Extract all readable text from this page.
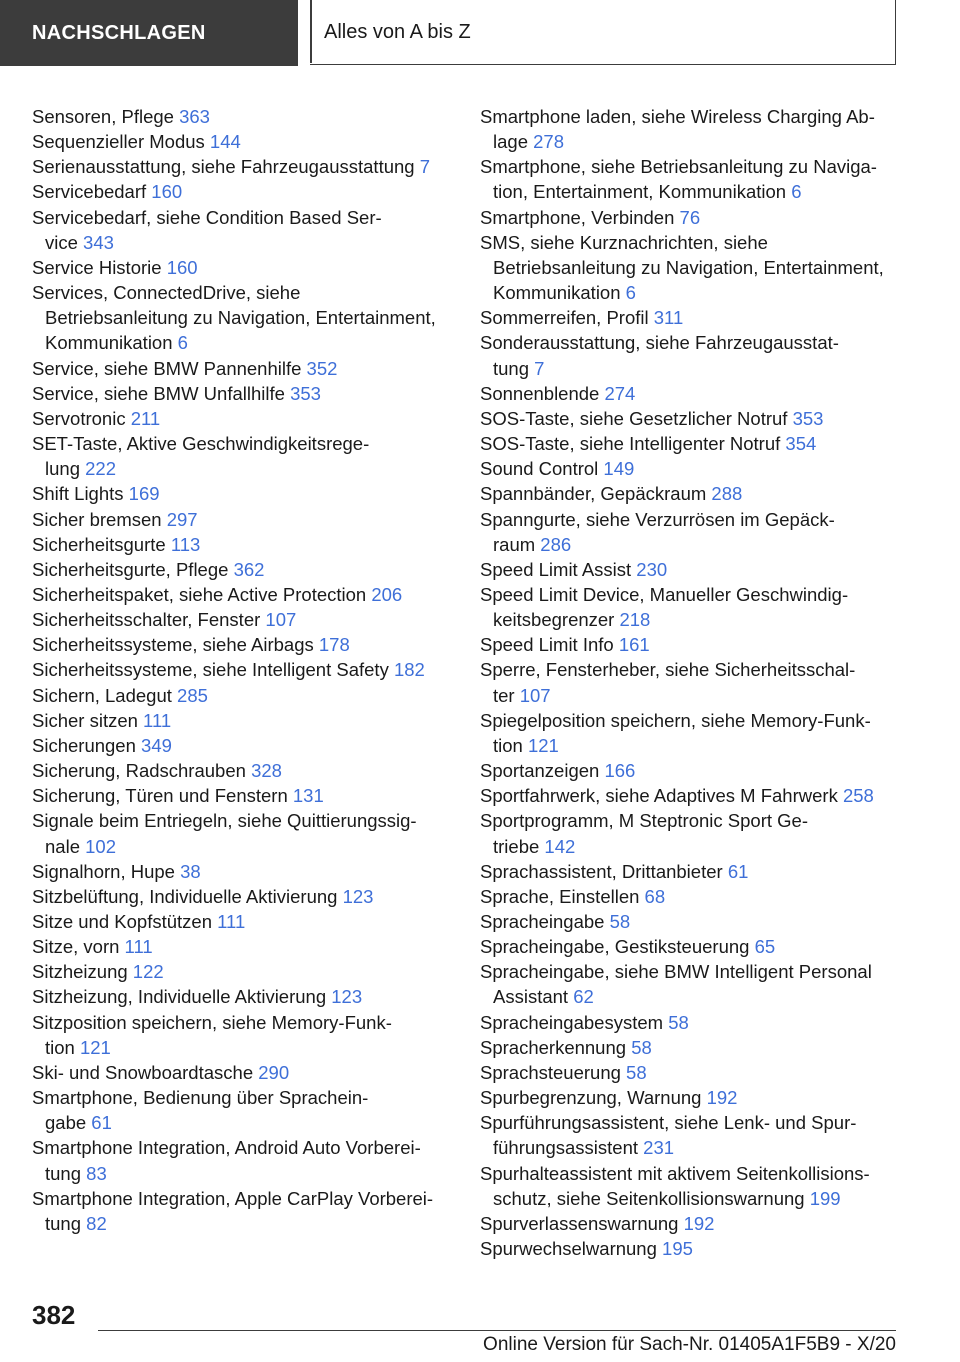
NACHSCHLAGEN	Alles von A bis Z
Sensoren, Pflege 363
Sequenzieller Modus 144
Serienausstattung, siehe Fahrzeugausstattung 7
Servicebedarf 160
Servicebedarf, siehe Condition Based Ser-
vice 343
Service Historie 160
Services, ConnectedDrive, siehe
Betriebsanleitung zu Navigation, Entertainment,
Kommunikation 6
Service, siehe BMW Pannenhilfe 352
Service, siehe BMW Unfallhilfe 353
Servotronic 211
SET-Taste, Aktive Geschwindigkeitsrege-
lung 222
Shift Lights 169
Sicher bremsen 297
Sicherheitsgurte 113
Sicherheitsgurte, Pflege 362
Sicherheitspaket, siehe Active Protection 206
Sicherheitsschalter, Fenster 107
Sicherheitssysteme, siehe Airbags 178
Sicherheitssysteme, siehe Intelligent Safety 182
Sichern, Ladegut 285
Sicher sitzen 111
Sicherungen 349
Sicherung, Radschrauben 328
Sicherung, Türen und Fenstern 131
Signale beim Entriegeln, siehe Quittierungssig-
nale 102
Signalhorn, Hupe 38
Sitzbelüftung, Individuelle Aktivierung 123
Sitze und Kopfstützen 111
Sitze, vorn 111
Sitzheizung 122
Sitzheizung, Individuelle Aktivierung 123
Sitzposition speichern, siehe Memory-Funk-
tion 121
Ski- und Snowboardtasche 290
Smartphone, Bedienung über Sprachein-
gabe 61
Smartphone Integration, Android Auto Vorberei-
tung 83
Smartphone Integration, Apple CarPlay Vorberei-
tung 82
Smartphone laden, siehe Wireless Charging Ab-
lage 278
Smartphone, siehe Betriebsanleitung zu Naviga-
tion, Entertainment, Kommunikation 6
Smartphone, Verbinden 76
SMS, siehe Kurznachrichten, siehe
Betriebsanleitung zu Navigation, Entertainment,
Kommunikation 6
Sommerreifen, Profil 311
Sonderausstattung, siehe Fahrzeugausstat-
tung 7
Sonnenblende 274
SOS-Taste, siehe Gesetzlicher Notruf 353
SOS-Taste, siehe Intelligenter Notruf 354
Sound Control 149
Spannbänder, Gepäckraum 288
Spanngurte, siehe Verzurrösen im Gepäck-
raum 286
Speed Limit Assist 230
Speed Limit Device, Manueller Geschwindig-
keitsbegrenzer 218
Speed Limit Info 161
Sperre, Fensterheber, siehe Sicherheitsschal-
ter 107
Spiegelposition speichern, siehe Memory-Funk-
tion 121
Sportanzeigen 166
Sportfahrwerk, siehe Adaptives M Fahrwerk 258
Sportprogramm, M Steptronic Sport Ge-
triebe 142
Sprachassistent, Drittanbieter 61
Sprache, Einstellen 68
Spracheingabe 58
Spracheingabe, Gestiksteuerung 65
Spracheingabe, siehe BMW Intelligent Personal
Assistant 62
Spracheingabesystem 58
Spracherkennung 58
Sprachsteuerung 58
Spurbegrenzung, Warnung 192
Spurführungsassistent, siehe Lenk- und Spur-
führungsassistent 231
Spurhalteassistent mit aktivem Seitenkollisions-
schutz, siehe Seitenkollisionswarnung 199
Spurverlassenswarnung 192
Spurwechselwarnung 195
382
Online Version für Sach-Nr. 01405A1F5B9 - X/20
